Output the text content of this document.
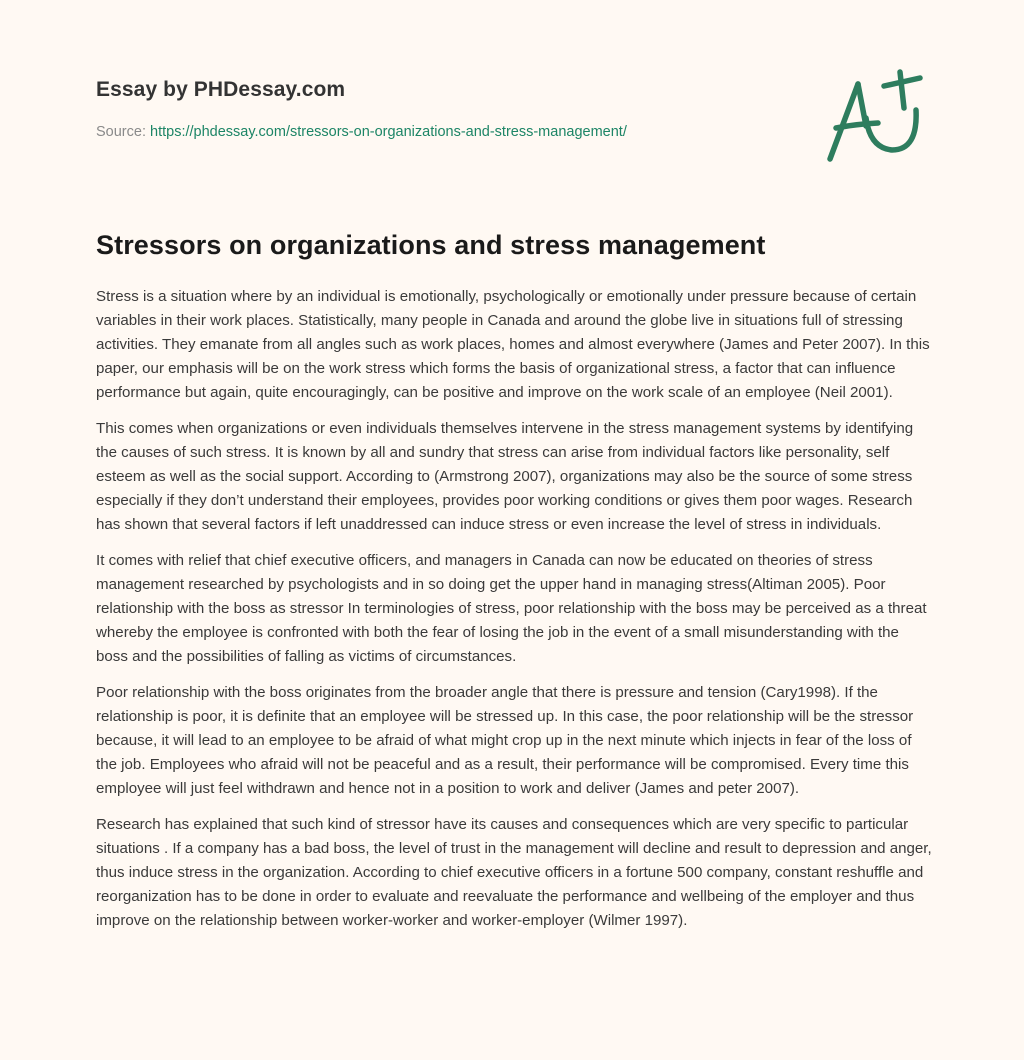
Essay by PHDessay.com
Source: https://phdessay.com/stressors-on-organizations-and-stress-management/
Stressors on organizations and stress management

Stress is a situation where by an individual is emotionally, psychologically or emotionally under pressure because of certain variables in their work places. Statistically, many people in Canada and around the globe live in situations full of stressing activities. They emanate from all angles such as work places, homes and almost everywhere (James and Peter 2007). In this paper, our emphasis will be on the work stress which forms the basis of organizational stress, a factor that can influence performance but again, quite encouragingly, can be positive and improve on the work scale of an employee (Neil 2001).

This comes when organizations or even individuals themselves intervene in the stress management systems by identifying the causes of such stress. It is known by all and sundry that stress can arise from individual factors like personality, self esteem as well as the social support. According to (Armstrong 2007), organizations may also be the source of some stress especially if they don’t understand their employees, provides poor working conditions or gives them poor wages. Research has shown that several factors if left unaddressed can induce stress or even increase the level of stress in individuals.

It comes with relief that chief executive officers, and managers in Canada can now be educated on theories of stress management researched by psychologists and in so doing get the upper hand in managing stress(Altiman 2005). Poor relationship with the boss as stressor In terminologies of stress, poor relationship with the boss may be perceived as a threat whereby the employee is confronted with both the fear of losing the job in the event of a small misunderstanding with the boss and the possibilities of falling as victims of circumstances.

Poor relationship with the boss originates from the broader angle that there is pressure and tension (Cary1998). If the relationship is poor, it is definite that an employee will be stressed up. In this case, the poor relationship will be the stressor because, it will lead to an employee to be afraid of what might crop up in the next minute which injects in fear of the loss of the job. Employees who afraid will not be peaceful and as a result, their performance will be compromised. Every time this employee will just feel withdrawn and hence not in a position to work and deliver (James and peter 2007).

Research has explained that such kind of stressor have its causes and consequences which are very specific to particular situations . If a company has a bad boss, the level of trust in the management will decline and result to depression and anger, thus induce stress in the organization. According to chief executive officers in a fortune 500 company, constant reshuffle and reorganization has to be done in order to evaluate and reevaluate the performance and wellbeing of the employer and thus improve on the relationship between worker-worker and worker-employer (Wilmer 1997).
